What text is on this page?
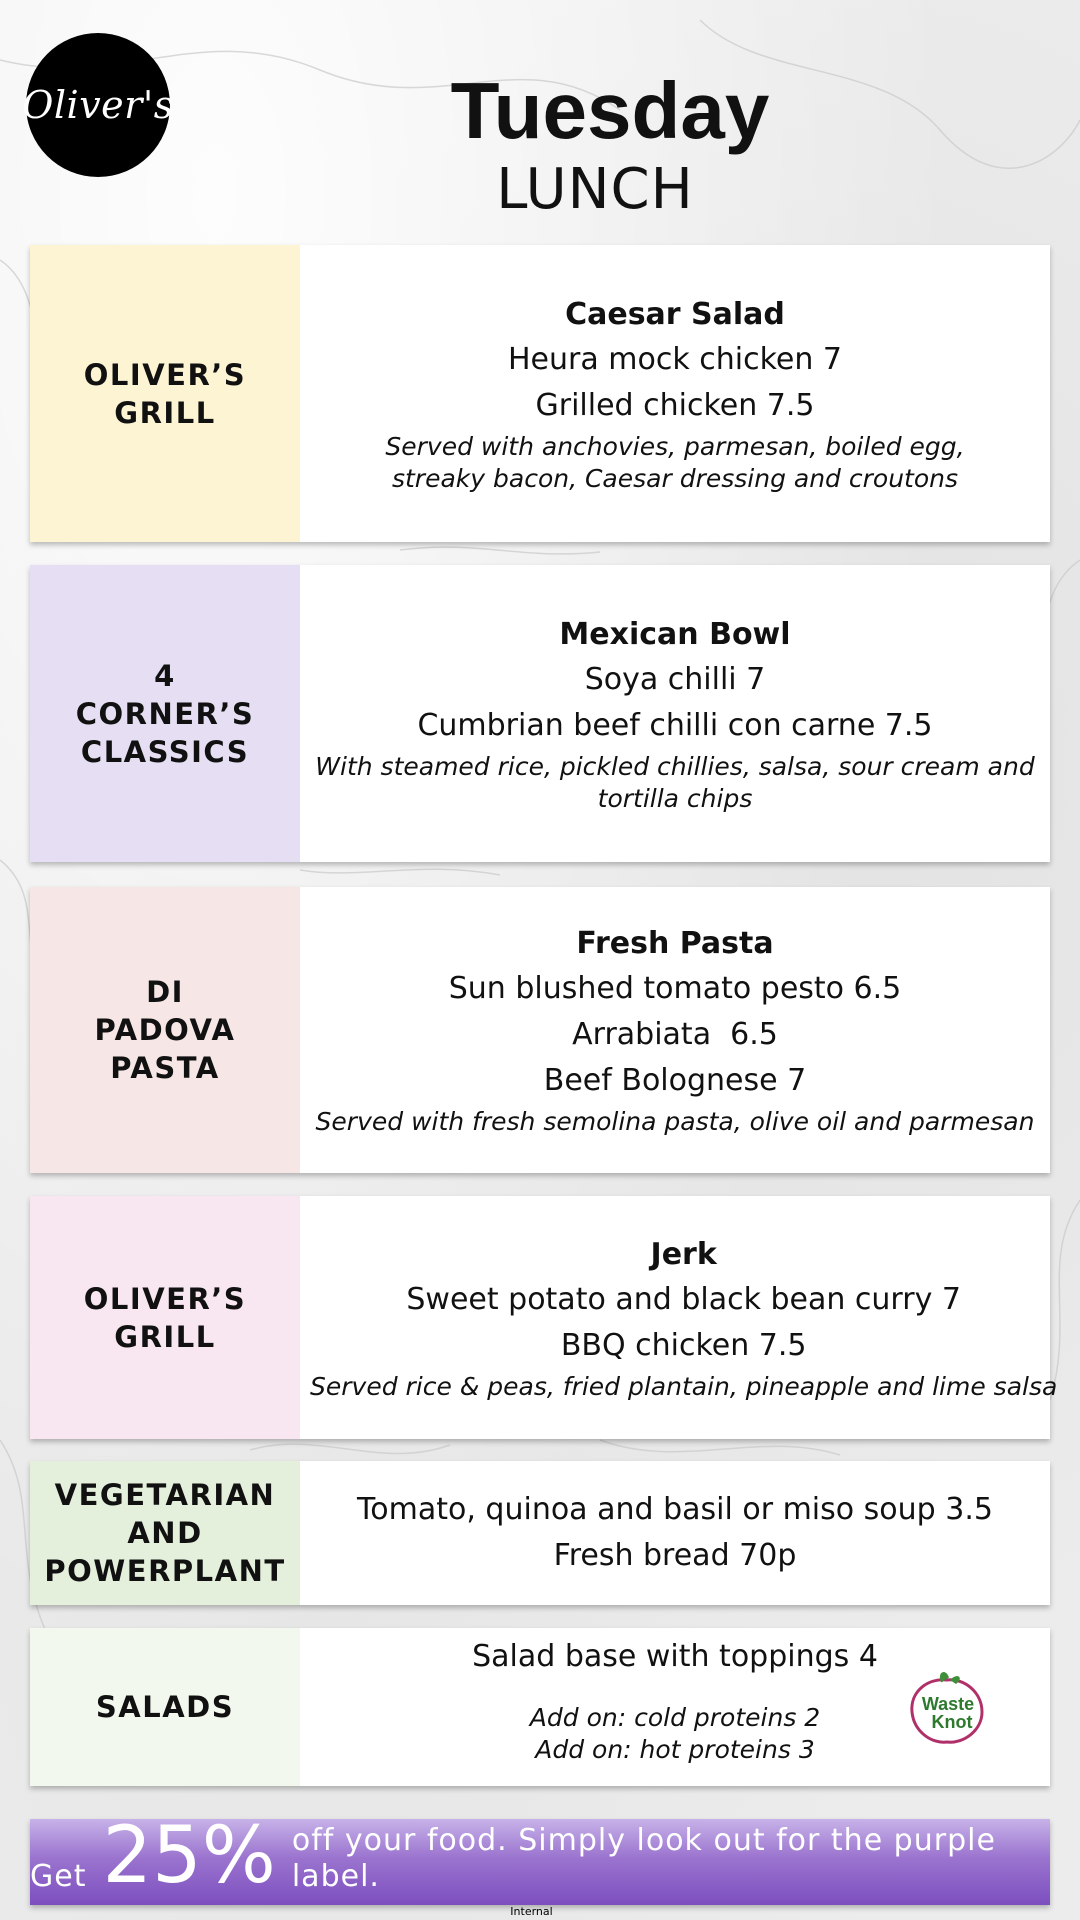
Oliver's	Tuesday
LUNCH
OLIVER’S GRILL
Caesar Salad
Heura mock chicken 7
Grilled chicken 7.5
Served with anchovies, parmesan, boiled egg, streaky bacon, Caesar dressing and croutons
4 CORNER’S CLASSICS
Mexican Bowl
Soya chilli 7
Cumbrian beef chilli con carne 7.5
With steamed rice, pickled chillies, salsa, sour cream and tortilla chips
DI PADOVA PASTA
Fresh Pasta
Sun blushed tomato pesto 6.5
Arrabiata  6.5
Beef Bolognese 7
Served with fresh semolina pasta, olive oil and parmesan
OLIVER’S GRILL
Jerk
Sweet potato and black bean curry 7
BBQ chicken 7.5
Served rice & peas, fried plantain, pineapple and lime salsa
VEGETARIAN AND POWERPLANT
Tomato, quinoa and basil or miso soup 3.5
Fresh bread 70p
SALADS
Salad base with toppings 4
Add on: cold proteins 2
Add on: hot proteins 3
Waste
Knot
Get 25% off your food. Simply look out for the purple label.
Internal
